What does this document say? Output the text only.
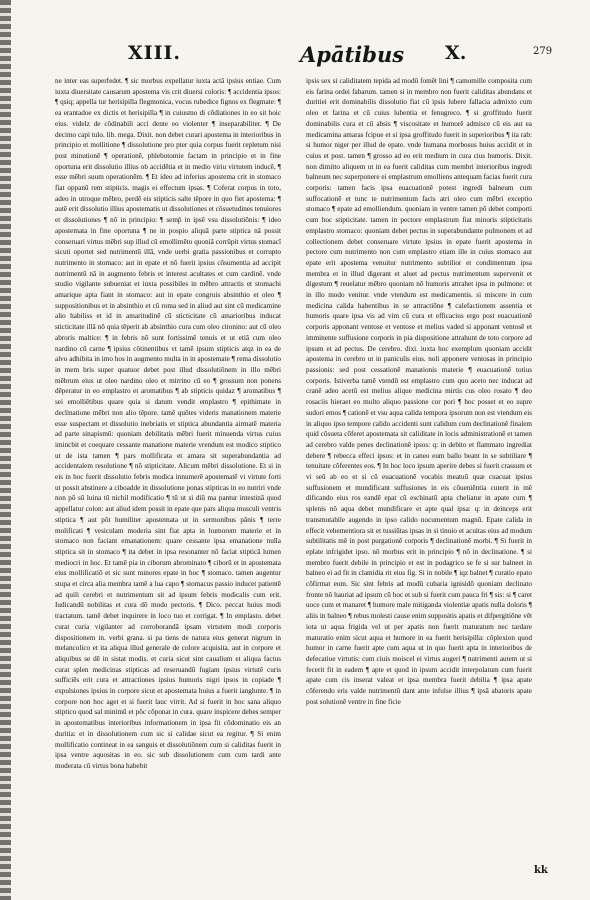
XIII.	Apātibus X.	279

ne inter eas superfedet. ¶ sic morbus expellatur iuxta actā ipsius entiae. Cum iuxta diuersitate causarum apostema vis crit diuersi coloris: ¶ accidentia ipsos: ¶ qsiq; appella tur herisipilla flegmonica, vocus rubedice fignos ex flegmate: ¶ ea erantadoe ex dictis et herisipilla ¶ in cuiusmo di cōdiationes in eo sit hoic eius. videlz de cōdinabili acci dente eo violenter ¶ inseparabiliter. ¶ De decimo capi tulo. lib. mega. Dixit. non debet curari apostema in interioribus in principio et mollitione ¶ dissolutione pro pter quia corpus fuerit repletum nisi post minutionē ¶ operationē, phlebotomie factam in principio et in fine oportuna erit dissolutio illius ob accidētia et in medio viriu virtutem inducē, ¶ esse mēbri suum operationēm. ¶ Et ideo ad inferius apostema crit in stomaco fiat oppanū rem stipticis. magis ei effectum ipsas. ¶ Coferat corpus in toto, adeo in utroque mēbro, perdē eis stipticis salte tēpore in quo fiet apostema: ¶ autē erit dissolutio illius apostematis ut dissolutiones et cōsuetudines tenuiores et dissolutiones ¶ nō in principio: ¶ semp̄ in ipsē vsu dissolutiōnis: ¶ ideo apostemata in fine oportuna ¶ ne in pospio aliquā parte stiptica nā possit conseruari virtus mēbri sup illud cū emollimēto quoniā corrūpit virtus stomacī sicuti oportet sed nutrimentū illā, vnde uerbi gratia passionibus et corrupto nutrimento in stomaco: aut in epate et nō fuerit ipsius cōsumentia ad accipit nutrimentū nā in augmento febris et interest acultates et cum cardinē. vnde studio vigilante subueniat et iuxta possibiles in mēbro attractis et stomachi amarique apta fiant in stomaco: aut in epate congruis absinthio et oleo ¶ suppositionibus et in absinthio et cū roma sed in aliud aut sint cū medicamine alio habiliss et id in amaritudinē cū sticticitate cū amarioribus inducat sticticitate illā nō quia tēperit ab absinthio cura cum oleo citonino: aut cū oleo abroris maltice: ¶ in febris nō sunt fortissimē tenuis et ut etiā cum oleo nardino cū carne ¶ ipsius cōtinentibus vt tamē ipsum stipticis atqz in ea de alvo adhibita in imo hos in augmento multa in in apostemate ¶ rema dissolutio in mem bris super quatuor debet post illud dissolutiōnem in illo mēbri mēbrum eius ut oleo nardino oleo et mirrino cū eo ¶ grossum non ponens dēperatur in eo emplastro et aromatibus ¶ ab stipticis quidaz ¶ aromatibus ¶ sei emolliētibus quare quia si datum vendit emplastro ¶ epithimate in declinatione mēbri non alio tēpore. tamē quōtes videris manationem materie esse suspectam et dissolutio inebriatis et stiptica abundantia airmatē materia ad parte sinapismū: quoniam debilitatis mēbri fuerit minuenda virtus cuius imincbit et coequare cessante manatione materie vrendum est modico stiptico ut de ista tamen ¶ pars mollificata et amara sit superabundantia ad accidentalem resolutione ¶ nō stipticitate. Alicum mēbri dissolutione. Et si in eis in hoc fuerit dissolutio febris modica innumerē apostematē vi virtute forti ut possit abstinere a ciboadde in dissolutione ponas stipticas in eo nutriri vnde non pō sū luina tū nichil modificatio ¶ tū ut si diū ma pantur intestinā quod appellatur colon: aut aliud idem possit in epate que pars aliqua musculi ventris stiptica ¶ aut pōt humiliter apostemata ut in sermonibus pānis ¶ terre molificati ¶ vesiculam moderia sint fiat apta in humorem materie et in stomaco non faciant emanationem: quare cessante ipsa emanatione nulla stiptica sit in stomaco ¶ ita debet in ipsa resonanter nō faciat stipticā lumen mediocri in hoc. Et tamē pia in ciborum abrominato ¶ ciborū et in apostemata eius mollificatiō et sic sunt minores epate in hoc ¶ stomaco. tamen augentur stupa et circa alia membra tamē a lua capo ¶ stomacus passio inducet patientē ad quili cerebri et nutrimentum sit ad ipsum febris modicalis cum erit. Iudicandū nobilitas et cura dō modo pectoris. ¶ Dico. peccat huius modi tractatum. tamē debet inquirere in loco tuo et corrigat. ¶ In emplasto. debet curat curia vigilanter ad corroborandā ipsam virtutem modi corporis dispositionem in. verbi grana. si pa tiens de natura eius generat nigrum in melancolico et ita aliqua illud generale de colore acquisita. aut in corpore et aliquibus se dē in sistat modis. et curia sicut sint caualium et aliqua factus curat splen medicinas stipticas ad reseruandū fugiam ipsius virtutē curis sufficiēs erit cura et attractiones ipsius humoris nigri ipsos in copiade ¶ expulsiones ipsius in corpore sicut et apostemata huius a fuerit ianglunte. ¶ in corpore non hoc aget et si fuerit lauc virrit. Ad si fuerit in hoc sana aliquo stiptico quod sal minimū et pōc cōponat in cura. quare inspicere debes semper in apostematibus interioribus informationem in ipsa fit cōdominatio eis an duritia: et in dissolutionem cum sic si calidae sicut ea regitur. ¶ Si enim mollificatio contineat in ea sanguis et dissolutiōnem cum si caliditas fuerit in ipsa ventre aquositas in eo. sic sub dissolutionem cum cum tardi ante moderata cū virtus bona habebit

ipsis sex si caliditatem tepida ad modū fomēt lini ¶ camomille composita cum eis farina ordei fabarum. tamen si in membro non fuerit caliditas abundans et duritiei erit dominabilis dissolutio fiat cū ipsis lubere fallacia admixto cum oleo et farina et cū cuius lubentia et fenugreco. ¶ si groffitudo fuerit dominabilis cura et cū absis ¶ viscositate et humorē admisce cū eis aut ea medicamina amaras fcipue et si ipsa groffitudo fuerit in superioribus ¶ ita rab: si humor niger per illud de epate. vnde humana morbosus huius accidit et in cuius et post. tamen ¶ grosso ad eo erit medium in cura cius humoris. Dixit. non dimitto aliquem ut in ea fuerit caliditas cum membri interioribus ingredi balneum nec superponere ei emplastrum emolliens antequam facias fuerit cura corporis: tamen facis ipsa euacuationē potest ingredi balneum cum suffocationē et tunc te nutrimentum facis atri oleo cum mēbri exceptio stomaco ¶ epate ad emolliendum. quoniam in ventre tamen pō debet comporti cum hoc stipticitate. tamen in pectore emplastrum fiat minoris stipticitatis emplastro stomaco: quoniam debet pectus in superabundante pulmonem et ad collectionem debet conseruare virtute ipsius in epate fuerit apostema in pectore cum nutrimento non cum emplastro etiam ille in cuius stomaco aut epate erit apostema venuitur nutrimento subtilior et condimentum ipsa membra et in illud digerant et aluet ad pectus nutrimentum supervenit et digestum ¶ reuelatur mēbro quoniam nō humoris attrahet ipsa in pulmone: et in illo modo venitur. vnde vtendum est medicamentis. si miscere in cum medicina calida habentibus in se attractiōne ¶ calefactionem assentia et humoris quare ipsa vis ad vim cū cura et efficacius ergo post euacuationē corporis apponant ventose et ventose et melius vaded si apponant ventosē et imminente suffusione corporis in pia dispositione attrahunt de toto corpore ad ipsum et ad pectus. De cerebro. dixi. iuxta hoc exemplum quoniam accidit apostema in cerebro ut in paniculis eius. noli apponere ventosas in principio passionis: sed post cessationē manationis materie ¶ euacuationē totius corporis. Istiverba tamē vtendū est emplastro cum quo aceto nec inducat ad cranē adeo acetū est melius alique medicina mirtis cus oleo rosato ¶ deo rosaciis hieraet eo multo aliquo passione cor pori ¶ hoc posset et eo supre sudori emos ¶ cationē et vsu aqua calida tempora ipsorum non est vtendum eis in aliquo ipso tempore calido accidenti sunt calidum cum declinationē finalem quid cōsueta cōferet apostemata sit caliditate in locis administrationē et tamen ad cerebro valde penes declinationē ipsos: q: in debito et flammato ingrediat debere ¶ rebecca effeci ipsos: et in caneo eum ballo beant in se subtiliare ¶ tenuitate cōferentes eos. ¶ In hoc loco ipsum aperire debes si fuerit crassum et vi seū ab eo et si cū euacuationē vocabis meatuū quæ cuacuat ipsius suffusionem et mundificant suffusiones in eis cōueniēntia cuterit in mē dificando eius ros eandē epat cū eschinatū apta cheliatur in apate cum ¶ splenis nō aqua debet mundificare et apte qual ipsa: q: in deinceps erit transmutabile augendo in ipso calido nocumentum magnū. Epate calida in effecit vehementiora sit et tussiūtas ipsas in si tinuio et acuitas eius ad modum subtilitatis mē in post purgationē corporis ¶ declinationē morbi. ¶ Si fuerit in eplate infrigidet ipso. nō morbus erit in principio ¶ nō in declinatione. ¶ si membro fuerit debile in principio et est in podagrico se fe si sur balneet in balneo ei ad fit in clamidia rit eius fig. Si in nobile ¶ iqz balnet ¶ curatio epato cōfirmat eum. Sic sint febris ad modū cubaria ignisidō quoniam declinato fronte nō hauriat ad ipsum cū hoc et sub si fuerit cum pauca fri ¶ sis: si ¶ caret uoce cum et manaret ¶ humore male mitiganda violentiæ apatis nulla doloris ¶ aliis in balneo ¶ rebus molesti cause enim suppositis apatis et difpergitiōne vēt iota ut aqua frigida vel ut per apatis non fuerit maturatum nec tardare maturatio enim sicut aqua et humore in ea fuerit herisipilla: cōplexion quod humor in carne fuerit apte cum aqua ut in quo fuerit apta in interioribus de defecatiue virtutis: cum ciuis moiscel ei virtus augeri ¶ nutrimenti autem ut si fecerit fit in eadem ¶ apte et quod in ipsum accidit interpolatum cum fuerit apate cum cis inserat valeat et ipsa membra fuerit debilia ¶ ipsa apate cōferendo eris valde nutrimentū dant ante infulse illius ¶ ipsā abatoris apate post solutionē ventre in fine ficie

kk
